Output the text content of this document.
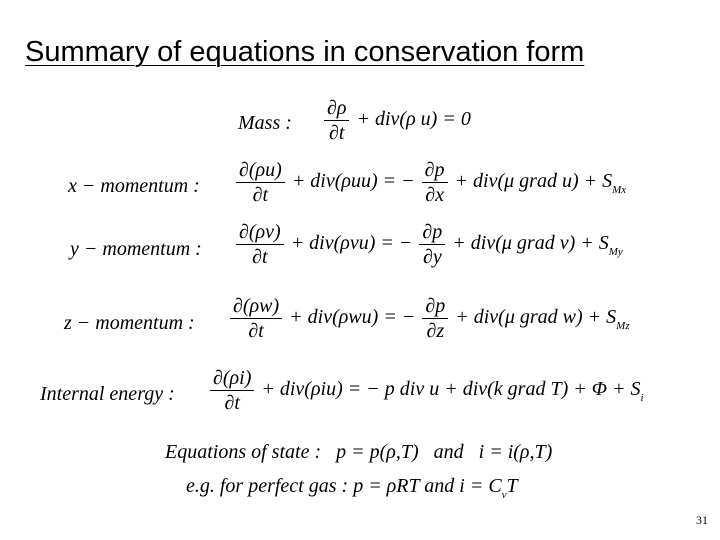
Summary of equations in conservation form
Mass : $\frac{\partial\rho}{\partial t} + div(\rho$ u) = 0
x − momentum : $\frac{\partial(\rho u)}{\partial t} + div(\rho uu)$ = − $\frac{\partial p}{\partial x} + div(\mu$ grad $u) + S_{Mx}$
y − momentum : $\frac{\partial(\rho v)}{\partial t} + div(\rho vu)$ = − $\frac{\partial p}{\partial y} + div(\mu$ grad $v) + S_{My}$
z − momentum : $\frac{\partial(\rho w)}{\partial t} + div(\rho wu)$ = − $\frac{\partial p}{\partial z} + div(\mu$ grad $w) + S_{Mz}$
Internal energy : $\frac{\partial(\rho i)}{\partial t} + div(\rho iu)$ = − p div u + div(k grad $T) + \Phi + S_i$
Equations of state :   p = p(ρ,T)   and   i = i(ρ,T)
e.g. for perfect gas : p = ρRT and $i = C_vT$
31
